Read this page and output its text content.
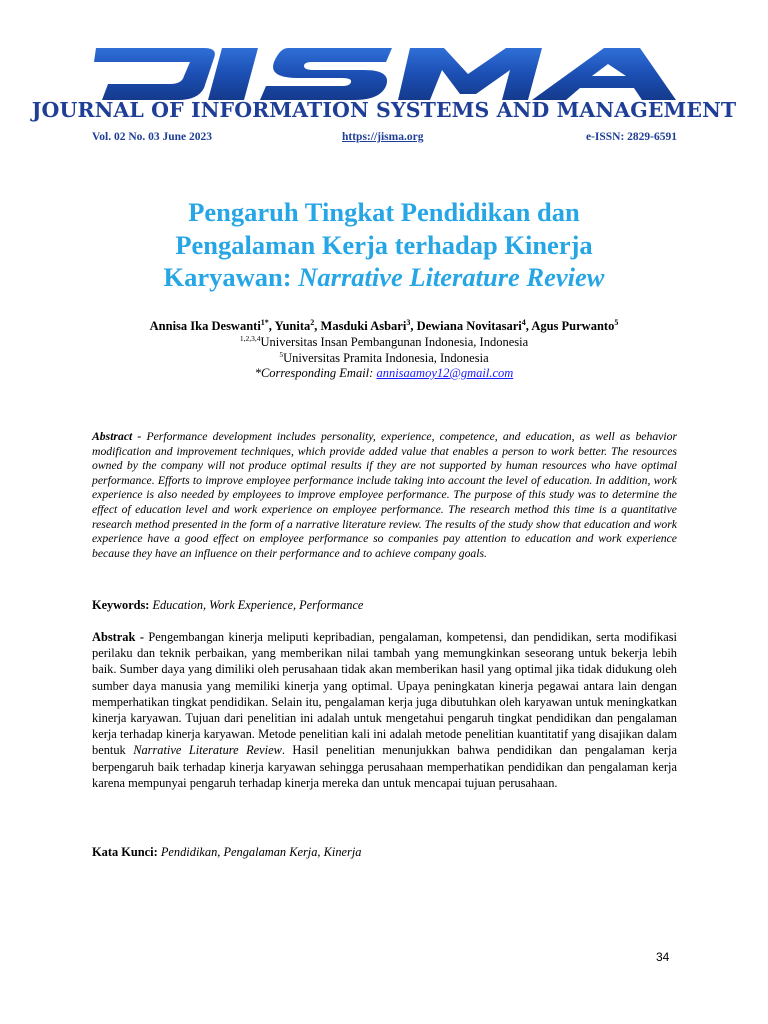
JOURNAL OF INFORMATION SYSTEMS AND MANAGEMENT
Vol. 02 No. 03 June 2023	https://jisma.org	e-ISSN: 2829-6591
Pengaruh Tingkat Pendidikan dan
Pengalaman Kerja terhadap Kinerja
Karyawan: Narrative Literature Review
Annisa Ika Deswanti$^{1*}$, Yunita$^2$, Masduki Asbari$^3$, Dewiana Novitasari$^4$, Agus Purwanto$^5$
$^{1,2,3,4}$Universitas Insan Pembangunan Indonesia, Indonesia
$^5$Universitas Pramita Indonesia, Indonesia
*Corresponding Email: annisaamoy12@gmail.com
Abstract - Performance development includes personality, experience, competence, and education, as well as behavior modification and improvement techniques, which provide added value that enables a person to work better. The resources owned by the company will not produce optimal results if they are not supported by human resources who have optimal performance. Efforts to improve employee performance include taking into account the level of education. In addition, work experience is also needed by employees to improve employee performance. The purpose of this study was to determine the effect of education level and work experience on employee performance. The research method this time is a quantitative research method presented in the form of a narrative literature review. The results of the study show that education and work experience have a good effect on employee performance so companies pay attention to education and work experience because they have an influence on their performance and to achieve company goals.
Keywords: Education, Work Experience, Performance
Abstrak - Pengembangan kinerja meliputi kepribadian, pengalaman, kompetensi, dan pendidikan, serta modifikasi perilaku dan teknik perbaikan, yang memberikan nilai tambah yang memungkinkan seseorang untuk bekerja lebih baik. Sumber daya yang dimiliki oleh perusahaan tidak akan memberikan hasil yang optimal jika tidak didukung oleh sumber daya manusia yang memiliki kinerja yang optimal. Upaya peningkatan kinerja pegawai antara lain dengan memperhatikan tingkat pendidikan. Selain itu, pengalaman kerja juga dibutuhkan oleh karyawan untuk meningkatkan kinerja karyawan. Tujuan dari penelitian ini adalah untuk mengetahui pengaruh tingkat pendidikan dan pengalaman kerja terhadap kinerja karyawan. Metode penelitian kali ini adalah metode penelitian kuantitatif yang disajikan dalam bentuk Narrative Literature Review. Hasil penelitian menunjukkan bahwa pendidikan dan pengalaman kerja berpengaruh baik terhadap kinerja karyawan sehingga perusahaan memperhatikan pendidikan dan pengalaman kerja karena mempunyai pengaruh terhadap kinerja mereka dan untuk mencapai tujuan perusahaan.
Kata Kunci: Pendidikan, Pengalaman Kerja, Kinerja
34
